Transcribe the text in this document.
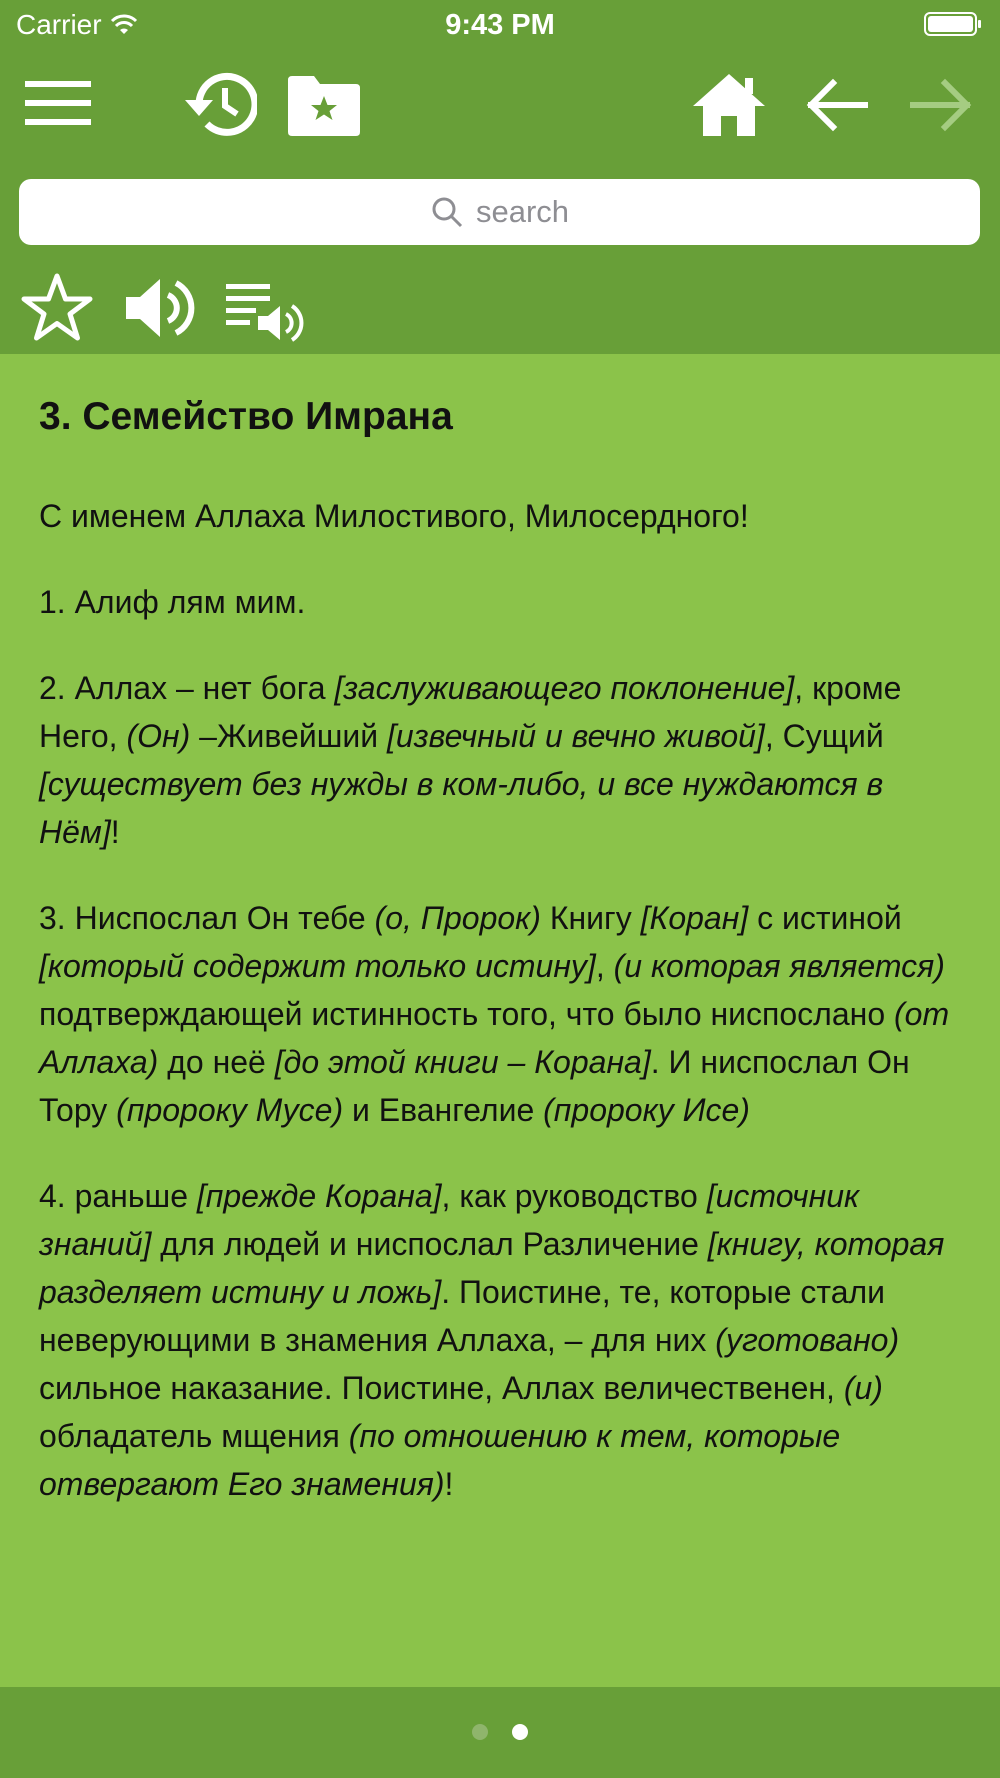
Carrier	9:43 PM
search
3. Семейство Имрана

С именем Аллаха Милостивого, Милосердного!

1. Алиф лям мим.

2. Аллах – нет бога [заслуживающего поклонение], кроме Него, (Он) –Живейший [извечный и вечно живой], Сущий [существует без нужды в ком-либо, и все нуждаются в Нём]!

3. Ниспослал Он тебе (о, Пророк) Книгу [Коран] с истиной [который содержит только истину], (и которая является) подтверждающей истинность того, что было ниспослано (от Аллаха) до неё [до этой книги – Корана]. И ниспослал Он Тору (пророку Мусе) и Евангелие (пророку Исе)

4. раньше [прежде Корана], как руководство [источник знаний] для людей и ниспослал Различение [книгу, которая разделяет истину и ложь]. Поистине, те, которые стали неверующими в знамения Аллаха, – для них (уготовано) сильное наказание. Поистине, Аллах величественен, (и) обладатель мщения (по отношению к тем, которые отвергают Его знамения)!
